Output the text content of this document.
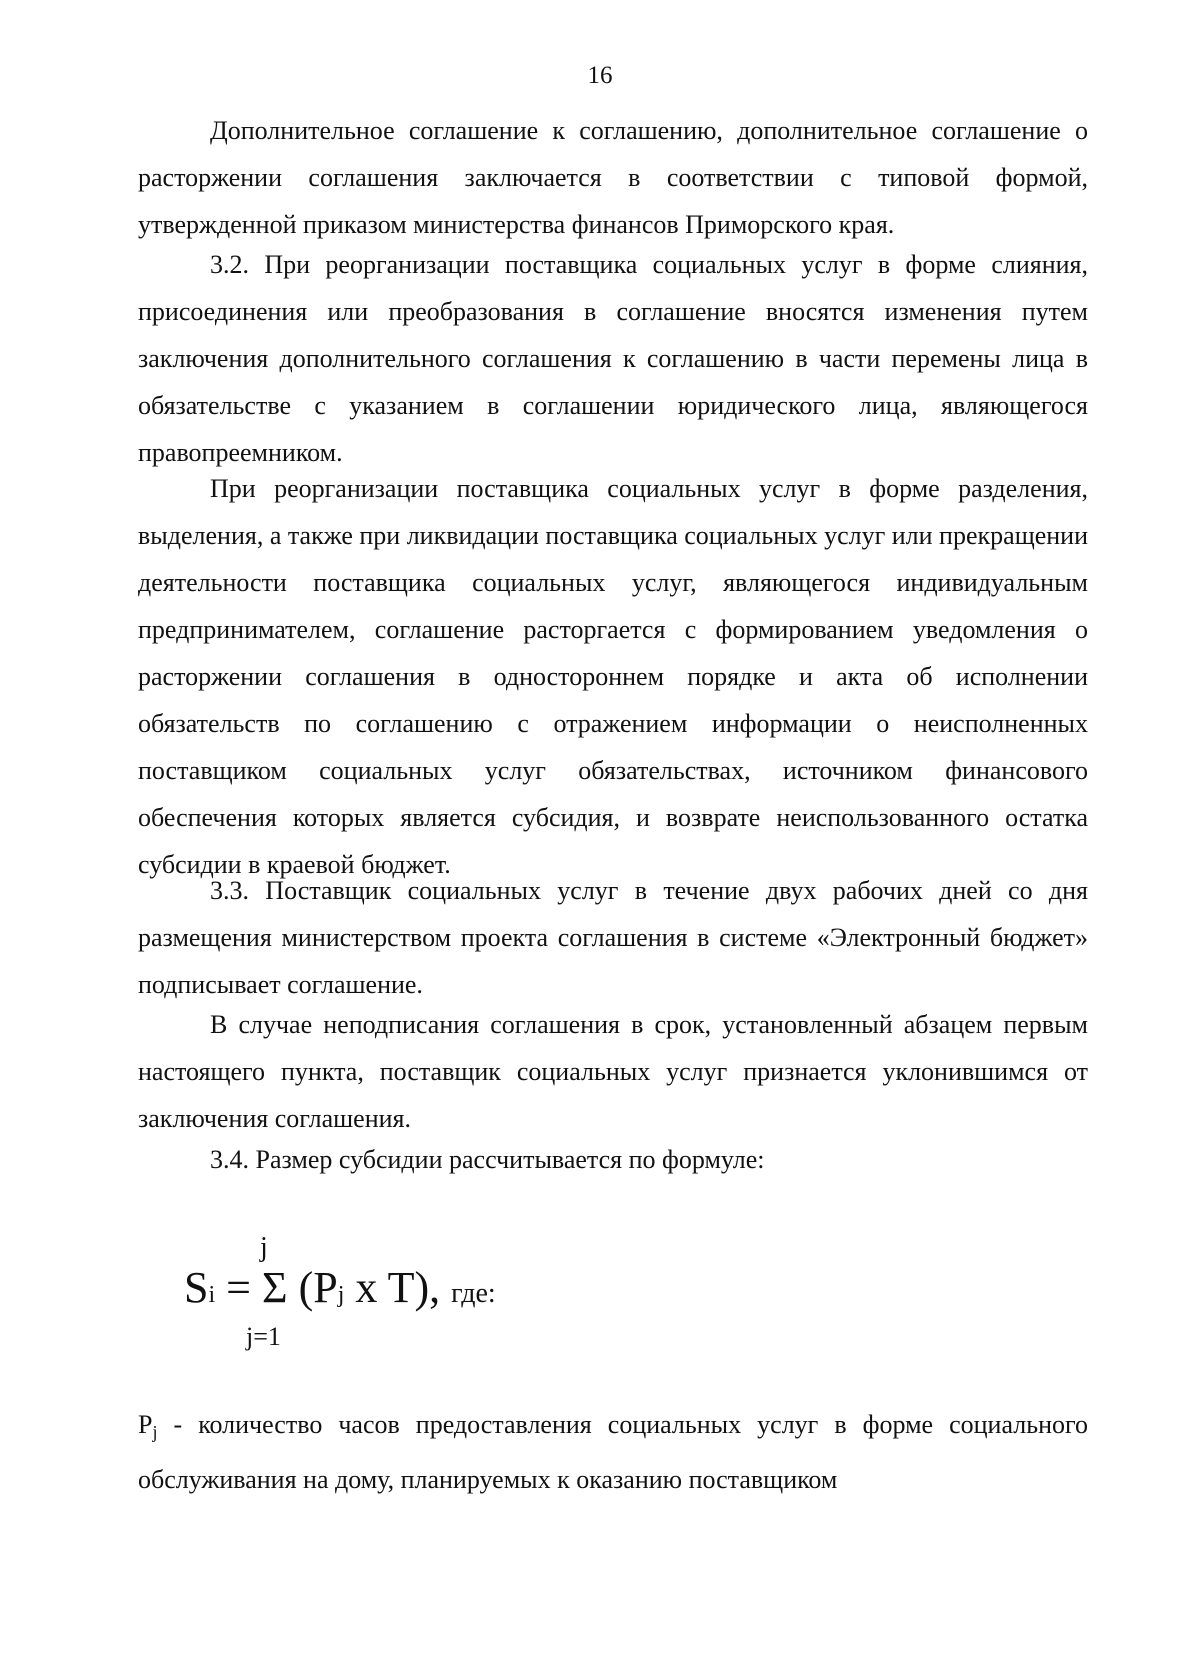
16

Дополнительное соглашение к соглашению, дополнительное соглашение о расторжении соглашения заключается в соответствии с типовой формой, утвержденной приказом министерства финансов Приморского края.

3.2. При реорганизации поставщика социальных услуг в форме слияния, присоединения или преобразования в соглашение вносятся изменения путем заключения дополнительного соглашения к соглашению в части перемены лица в обязательстве с указанием в соглашении юридического лица, являющегося правопреемником.

При реорганизации поставщика социальных услуг в форме разделения, выделения, а также при ликвидации поставщика социальных услуг или прекращении деятельности поставщика социальных услуг, являющегося индивидуальным предпринимателем, соглашение расторгается с формированием уведомления о расторжении соглашения в одностороннем порядке и акта об исполнении обязательств по соглашению с отражением информации о неисполненных поставщиком социальных услуг обязательствах, источником финансового обеспечения которых является субсидия, и возврате неиспользованного остатка субсидии в краевой бюджет.

3.3. Поставщик социальных услуг в течение двух рабочих дней со дня размещения министерством проекта соглашения в системе «Электронный бюджет» подписывает соглашение.

В случае неподписания соглашения в срок, установленный абзацем первым настоящего пункта, поставщик социальных услуг признается уклонившимся от заключения соглашения.

3.4. Размер субсидии рассчитывается по формуле:

j
Si = Σ (Pj x T), где:
j=1
$P_j$ - количество часов предоставления социальных услуг в форме социального обслуживания на дому, планируемых к оказанию поставщиком
